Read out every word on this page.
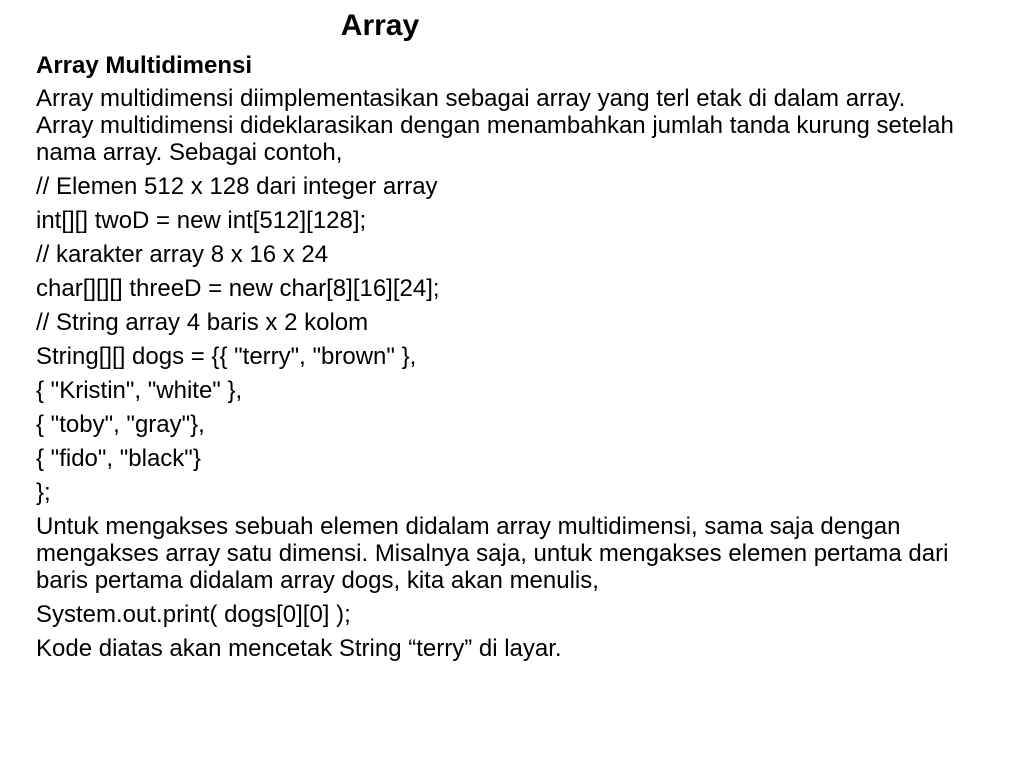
Array

Array Multidimensi

Array multidimensi diimplementasikan sebagai array yang terl etak di dalam array. Array multidimensi dideklarasikan dengan menambahkan jumlah tanda kurung setelah nama array. Sebagai contoh,

// Elemen 512 x 128 dari integer array

int[][] twoD = new int[512][128];

// karakter array 8 x 16 x 24

char[][][] threeD = new char[8][16][24];

// String array 4 baris x 2 kolom

String[][] dogs = {{ "terry", "brown" },

{ "Kristin", "white" },

{ "toby", "gray"},

{ "fido", "black"}

};

Untuk mengakses sebuah elemen didalam array multidimensi, sama saja dengan mengakses array satu dimensi. Misalnya saja, untuk mengakses elemen pertama dari baris pertama didalam array dogs, kita akan menulis,

System.out.print( dogs[0][0] );

Kode diatas akan mencetak String “terry” di layar.
